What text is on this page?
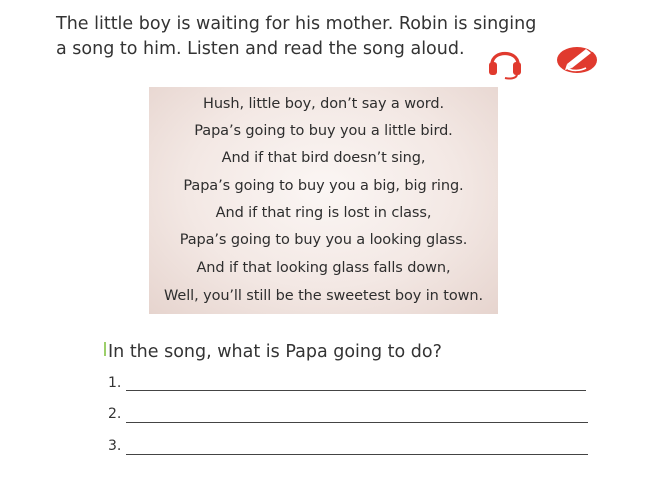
The little boy is waiting for his mother. Robin is singing
a song to him. Listen and read the song aloud.
Hush, little boy, don’t say a word.
Papa’s going to buy you a little bird.
And if that bird doesn’t sing,
Papa’s going to buy you a big, big ring.
And if that ring is lost in class,
Papa’s going to buy you a looking glass.
And if that looking glass falls down,
Well, you’ll still be the sweetest boy in town.
In the song, what is Papa going to do?
1.
2.
3.
